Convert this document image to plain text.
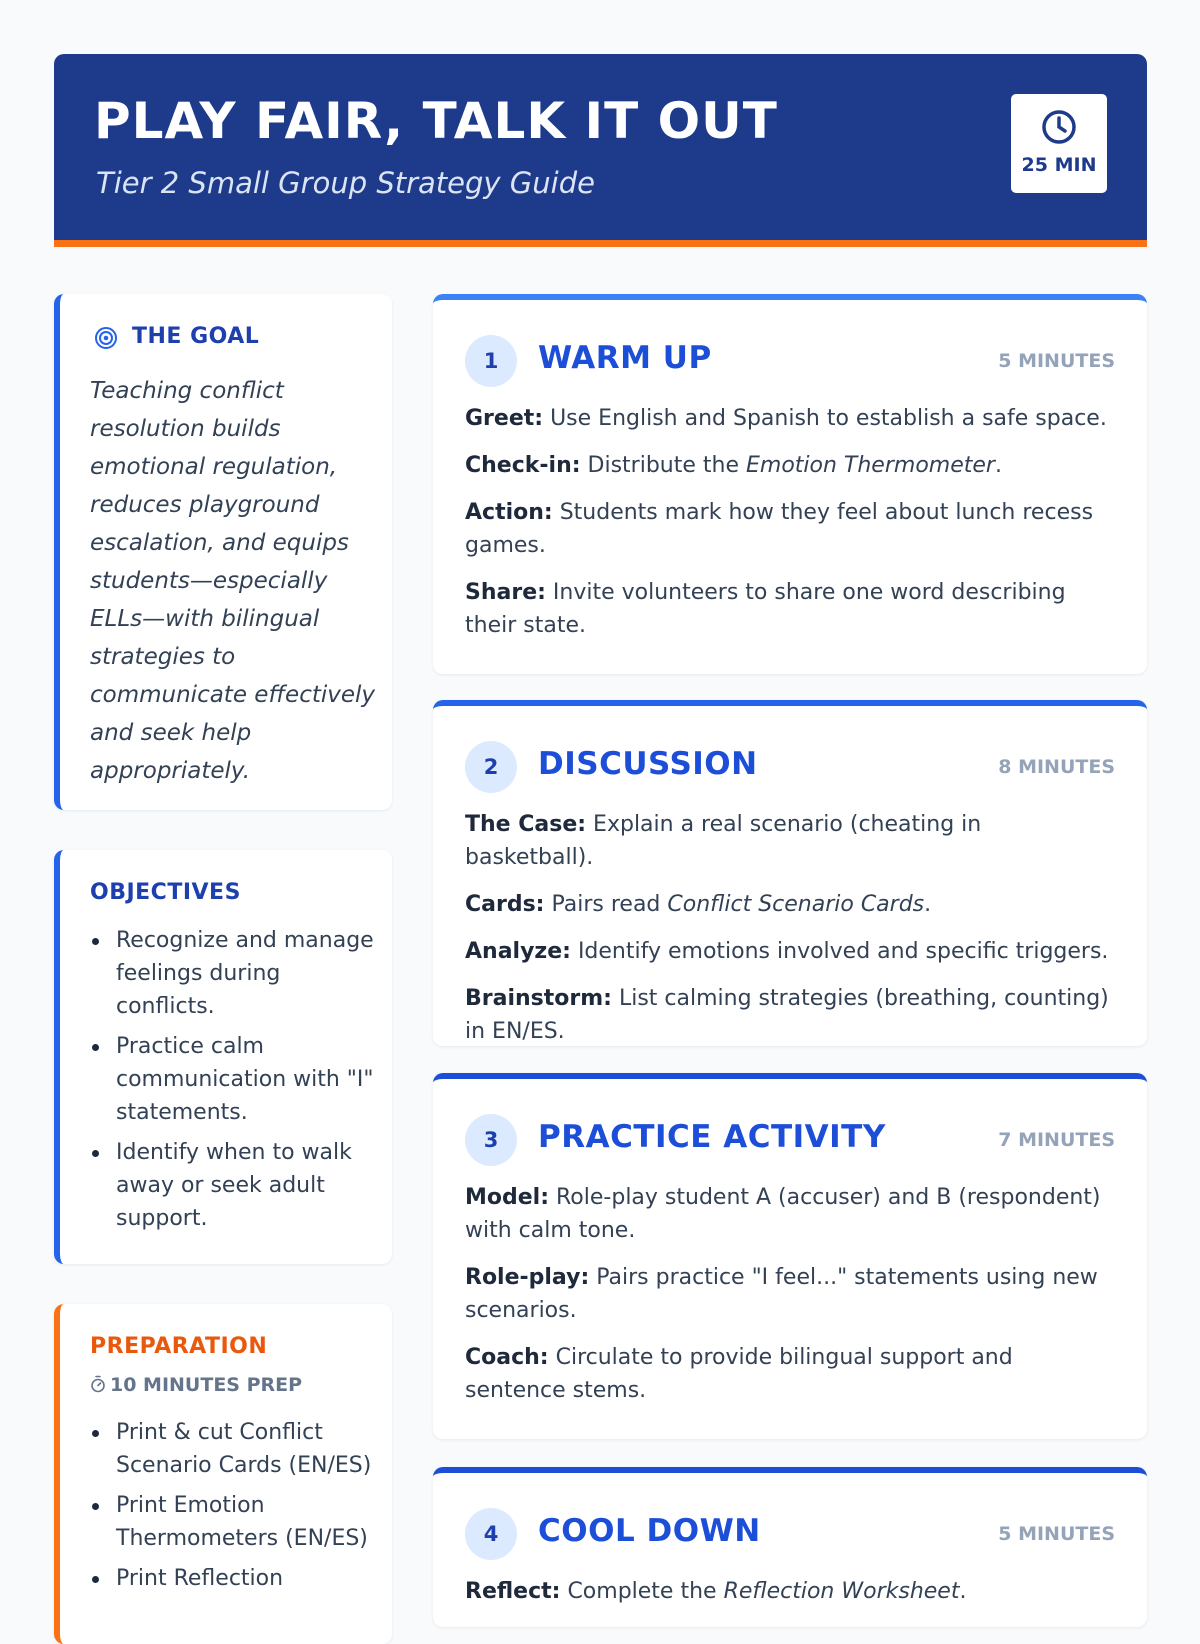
PLAY FAIR, TALK IT OUT

Tier 2 Small Group Strategy Guide

25 MIN
THE GOAL
Teaching conflict resolution builds emotional regulation, reduces playground escalation, and equips students—especially ELLs—with bilingual strategies to communicate effectively and seek help appropriately.
OBJECTIVES
Recognize and manage feelings during conflicts.
Practice calm communication with "I" statements.
Identify when to walk away or seek adult support.
PREPARATION
10 MINUTES PREP
Print & cut Conflict Scenario Cards (EN/ES)
Print Emotion Thermometers (EN/ES)
Print Reflection
1	WARM UP	5 MINUTES

Greet: Use English and Spanish to establish a safe space.

Check-in: Distribute the Emotion Thermometer.

Action: Students mark how they feel about lunch recess games.

Share: Invite volunteers to share one word describing their state.

2	DISCUSSION	8 MINUTES

The Case: Explain a real scenario (cheating in basketball).

Cards: Pairs read Conflict Scenario Cards.

Analyze: Identify emotions involved and specific triggers.

Brainstorm: List calming strategies (breathing, counting) in EN/ES.

3	PRACTICE ACTIVITY	7 MINUTES

Model: Role-play student A (accuser) and B (respondent) with calm tone.

Role-play: Pairs practice "I feel..." statements using new scenarios.

Coach: Circulate to provide bilingual support and sentence stems.

4	COOL DOWN	5 MINUTES

Reflect: Complete the Reflection Worksheet.
